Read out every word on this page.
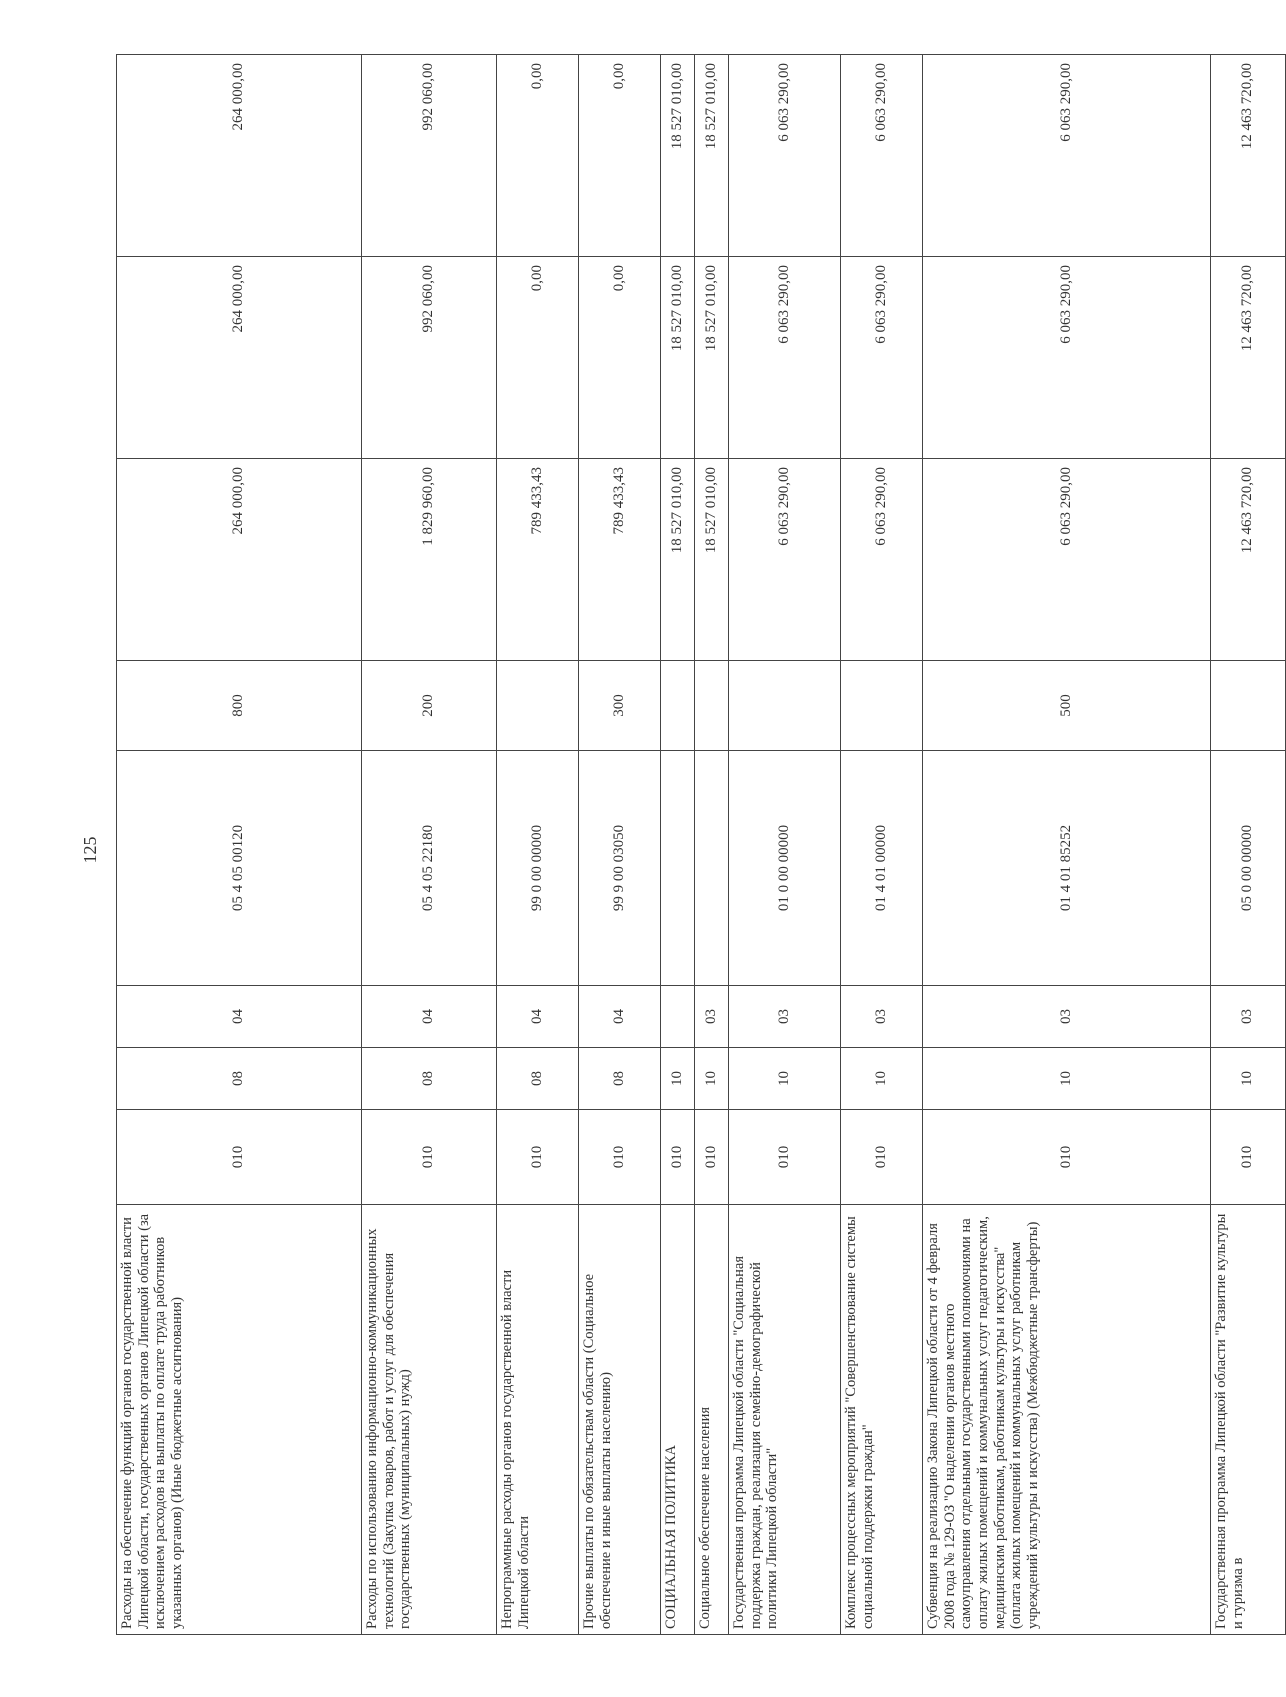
125
Расходы на обеспечение функций органов государственной власти Липецкой области, государственных органов Липецкой области (за исключением расходов на выплаты по оплате труда работников указанных органов) (Иные бюджетные ассигнования)	010	08	04	05 4 05 00120	800	264 000,00	264 000,00	264 000,00
Расходы по использованию информационно-коммуникационных технологий (Закупка товаров, работ и услуг для обеспечения государственных (муниципальных) нужд)	010	08	04	05 4 05 22180	200	1 829 960,00	992 060,00	992 060,00
Непрограммные расходы органов государственной власти Липецкой области	010	08	04	99 0 00 00000		789 433,43	0,00	0,00
Прочие выплаты по обязательствам области (Социальное обеспечение и иные выплаты населению)	010	08	04	99 9 00 03050	300	789 433,43	0,00	0,00
СОЦИАЛЬНАЯ ПОЛИТИКА	010	10				18 527 010,00	18 527 010,00	18 527 010,00
Социальное обеспечение населения	010	10	03			18 527 010,00	18 527 010,00	18 527 010,00
Государственная программа Липецкой области "Социальная поддержка граждан, реализация семейно-демографической политики Липецкой области"	010	10	03	01 0 00 00000		6 063 290,00	6 063 290,00	6 063 290,00
Комплекс процессных мероприятий "Совершенствование системы социальной поддержки граждан"	010	10	03	01 4 01 00000		6 063 290,00	6 063 290,00	6 063 290,00
Субвенция на реализацию Закона Липецкой области от 4 февраля 2008 года № 129-ОЗ "О наделении органов местного самоуправления отдельными государственными полномочиями на оплату жилых помещений и коммунальных услуг педагогическим, медицинским работникам, работникам культуры и искусства" (оплата жилых помещений и коммунальных услуг работникам учреждений культуры и искусства) (Межбюджетные трансферты)	010	10	03	01 4 01 85252	500	6 063 290,00	6 063 290,00	6 063 290,00
Государственная программа Липецкой области "Развитие культуры и туризма в	010	10	03	05 0 00 00000		12 463 720,00	12 463 720,00	12 463 720,00
